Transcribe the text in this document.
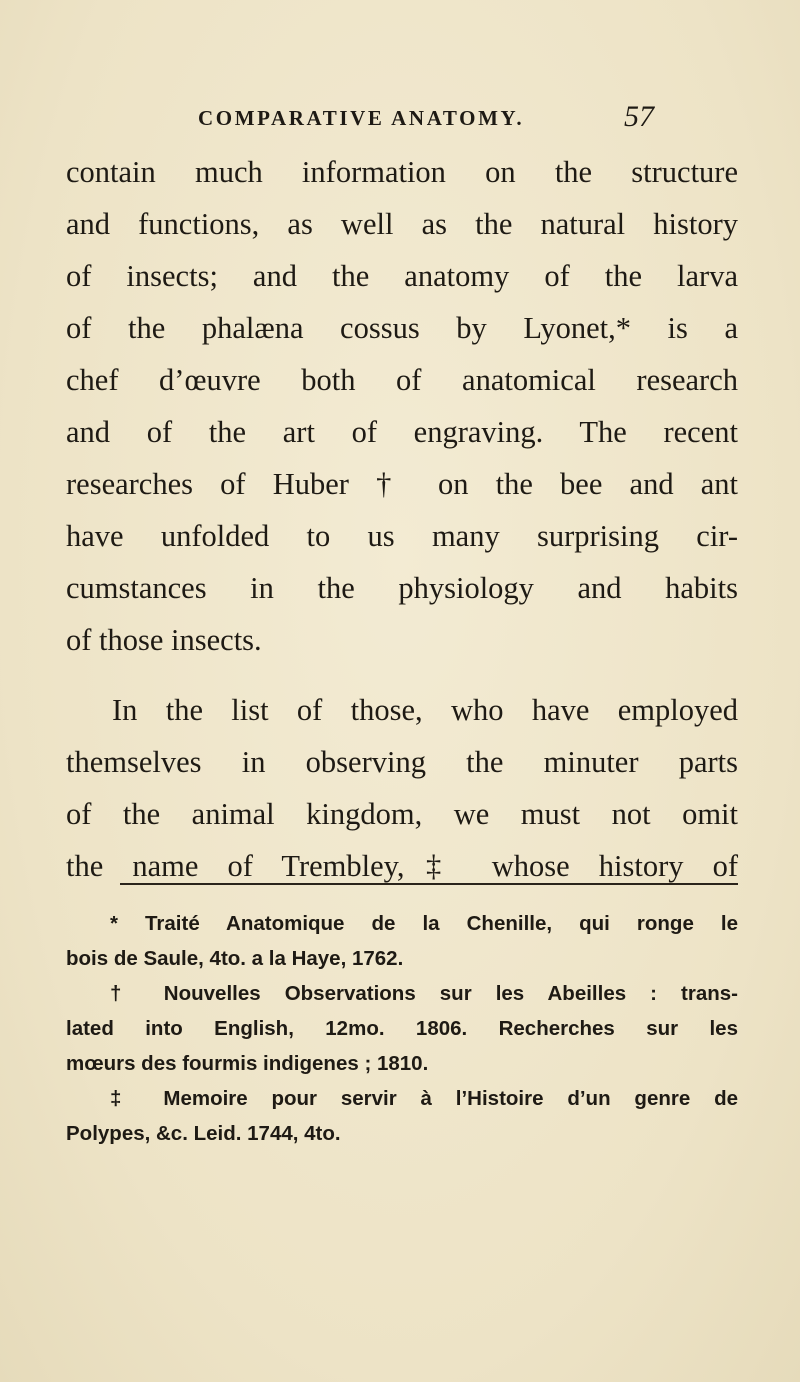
COMPARATIVE ANATOMY.	57
contain much information on the structure
and functions, as well as the natural history
of insects; and the anatomy of the larva
of the phalæna cossus by Lyonet,* is a
chef d’œuvre both of anatomical research
and of the art of engraving. The recent
researches of Huber † on the bee and ant
have unfolded to us many surprising cir-
cumstances in the physiology and habits
of those insects.
In the list of those, who have employed
themselves in observing the minuter parts
of the animal kingdom, we must not omit
the name of Trembley,‡ whose history of
* Traité Anatomique de la Chenille, qui ronge le
bois de Saule, 4to. a la Haye, 1762.
† Nouvelles Observations sur les Abeilles : trans-
lated into English, 12mo. 1806. Recherches sur les
mœurs des fourmis indigenes ; 1810.
‡ Memoire pour servir à l’Histoire d’un genre de
Polypes, &c. Leid. 1744, 4to.
